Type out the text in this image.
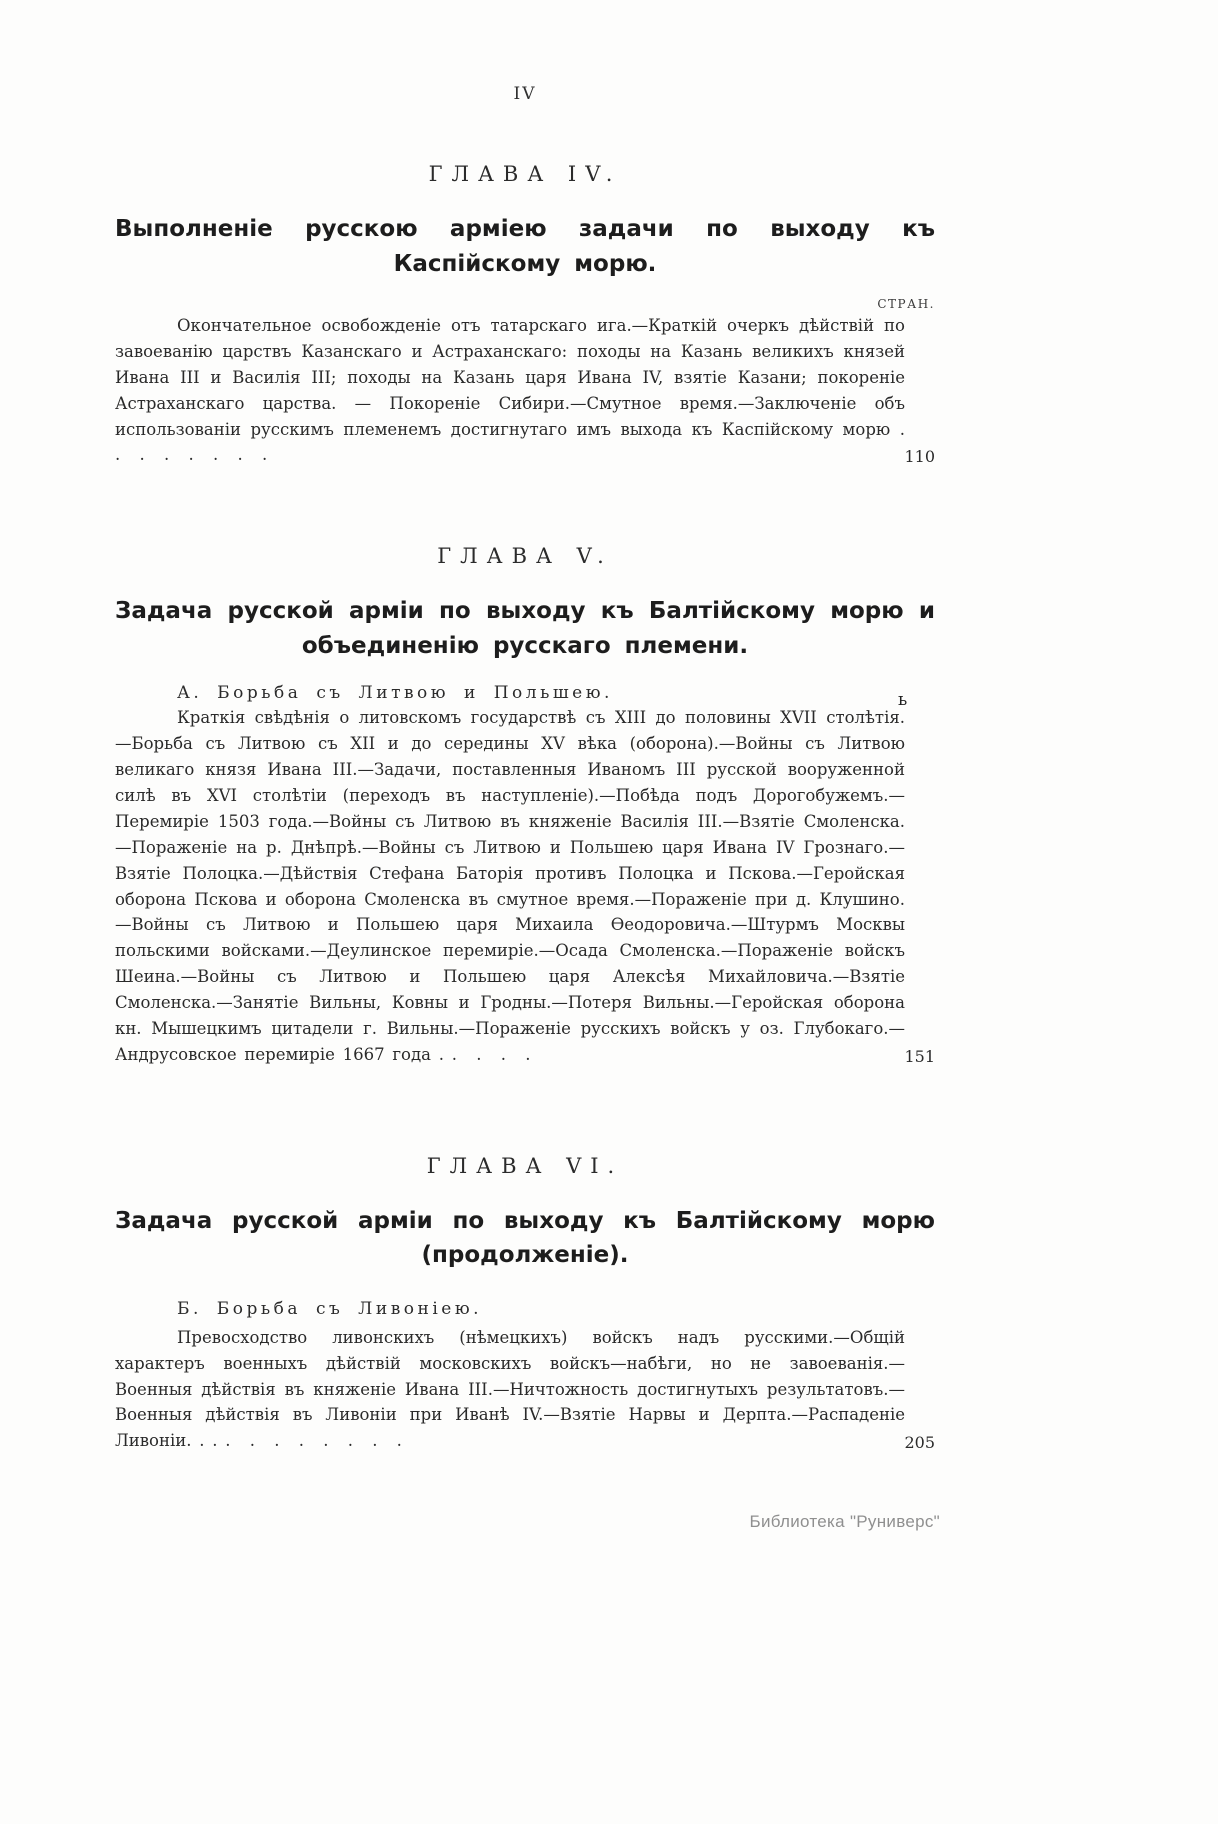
IV
ГЛАВА IV.
Выполненіе русскою арміею задачи по выходу къ Каспійскому морю.
СТРАН.

Окончательное освобожденіе отъ татарскаго ига.—Краткій очеркъ дѣйствій по завоеванію царствъ Казанскаго и Астраханскаго: походы на Казань великихъ князей Ивана III и Василія III; походы на Казань царя Ивана IV, взятіе Казани; покореніе Астраханскаго царства. — Покореніе Сибири.—Смутное время.—Заключеніе объ использованіи русскимъ племенемъ достигнутаго имъ выхода къ Каспійскому морю . . . . . . . .	110
ГЛАВА V.
Задача русской арміи по выходу къ Балтійскому морю и объединенію русскаго племени.
А. Борьба съ Литвою и Польшею.

Краткія свѣдѣнія о литовскомъ государствѣ съ XIII до половины XVII столѣтія.—Борьба съ Литвою съ XII и до середины XV вѣка (оборона).—Войны съ Литвою великаго князя Ивана III.—Задачи, поставленныя Иваномъ III русской вооруженной силѣ въ XVI столѣтіи (переходъ въ наступленіе).—Побѣда подъ Дорогобужемъ.—Перемиріе 1503 года.—Войны съ Литвою въ княженіе Василія III.—Взятіе Смоленска.—Пораженіе на р. Днѣпрѣ.—Войны съ Литвою и Польшею царя Ивана IV Грознаго.—Взятіе Полоцка.—Дѣйствія Стефана Баторія противъ Полоцка и Пскова.—Геройская оборона Пскова и оборона Смоленска въ смутное время.—Пораженіе при д. Клушино.—Войны съ Литвою и Польшею царя Михаила Ѳеодоровича.—Штурмъ Москвы польскими войсками.—Деулинское перемиріе.—Осада Смоленска.—Пораженіе войскъ Шеина.—Войны съ Литвою и Польшею царя Алексѣя Михайловича.—Взятіе Смоленска.—Занятіе Вильны, Ковны и Гродны.—Потеря Вильны.—Геройская оборона кн. Мышецкимъ цитадели г. Вильны.—Пораженіе русскихъ войскъ у оз. Глубокаго.—Андрусовское перемиріе 1667 года . . . . .	151
ГЛАВА VI.
Задача русской арміи по выходу къ Балтійскому морю (продолженіе).
Б. Борьба съ Ливоніею.

Превосходство ливонскихъ (нѣмецкихъ) войскъ надъ русскими.—Общій характеръ военныхъ дѣйствій московскихъ войскъ—набѣги, но не завоеванія.—Военныя дѣйствія въ княженіе Ивана III.—Ничтожность достигнутыхъ результатовъ.—Военныя дѣйствія въ Ливоніи при Иванѣ IV.—Взятіе Нарвы и Дерпта.—Распаденіе Ливоніи. . . . . . . . . . .	205
ь
Библиотека "Руниверс"
